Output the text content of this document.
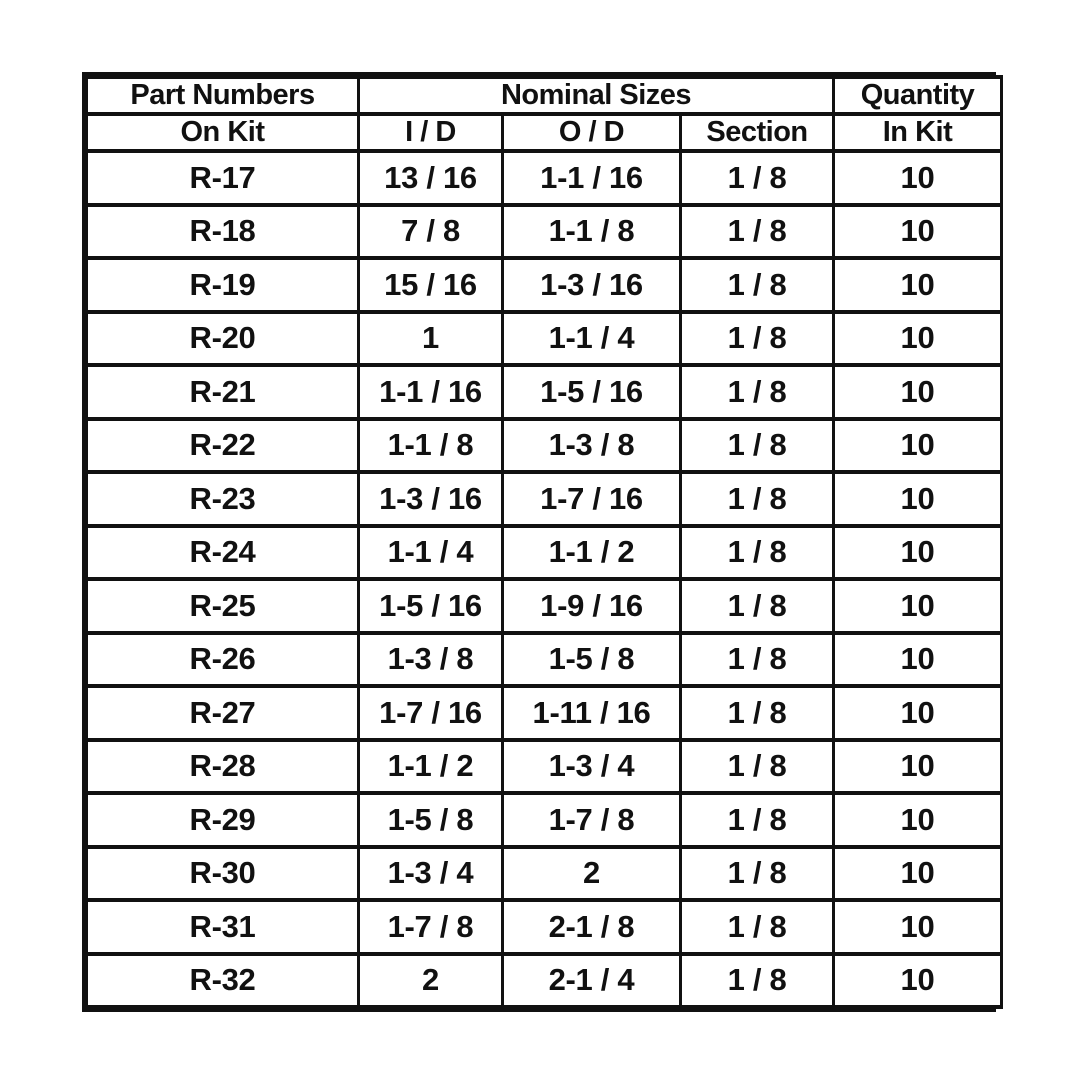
Part Numbers	Nominal Sizes			Quantity
On Kit	I / D	O / D	Section	In Kit
R-17	13 / 16	1-1 / 16	1 / 8	10
R-18	7 / 8	1-1 / 8	1 / 8	10
R-19	15 / 16	1-3 / 16	1 / 8	10
R-20	1	1-1 / 4	1 / 8	10
R-21	1-1 / 16	1-5 / 16	1 / 8	10
R-22	1-1 / 8	1-3 / 8	1 / 8	10
R-23	1-3 / 16	1-7 / 16	1 / 8	10
R-24	1-1 / 4	1-1 / 2	1 / 8	10
R-25	1-5 / 16	1-9 / 16	1 / 8	10
R-26	1-3 / 8	1-5 / 8	1 / 8	10
R-27	1-7 / 16	1-11 / 16	1 / 8	10
R-28	1-1 / 2	1-3 / 4	1 / 8	10
R-29	1-5 / 8	1-7 / 8	1 / 8	10
R-30	1-3 / 4	2	1 / 8	10
R-31	1-7 / 8	2-1 / 8	1 / 8	10
R-32	2	2-1 / 4	1 / 8	10
